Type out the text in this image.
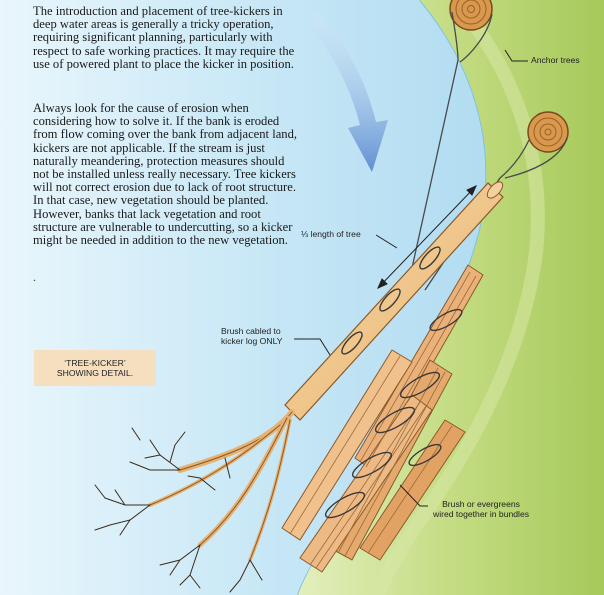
The introduction and placement of tree-kickers in deep water areas is generally a tricky operation, requiring significant planning, particularly with respect to safe working practices. It may require the use of powered plant to place the kicker in position.

Always look for the cause of erosion when considering how to solve it. If the bank is eroded from flow coming over the bank from adjacent land, kickers are not applicable. If the stream is just naturally meandering, protection measures should not be installed unless really necessary. Tree kickers will not correct erosion due to lack of root structure. In that case, new vegetation should be planted. However, banks that lack vegetation and root structure are vulnerable to undercutting, so a kicker might be needed in addition to the new vegetation.

.
Anchor trees
⅓ length of tree
Brush cabled to
kicker log ONLY
Brush or evergreens
wired together in bundles
‘TREE-KICKER’
SHOWING DETAIL.
